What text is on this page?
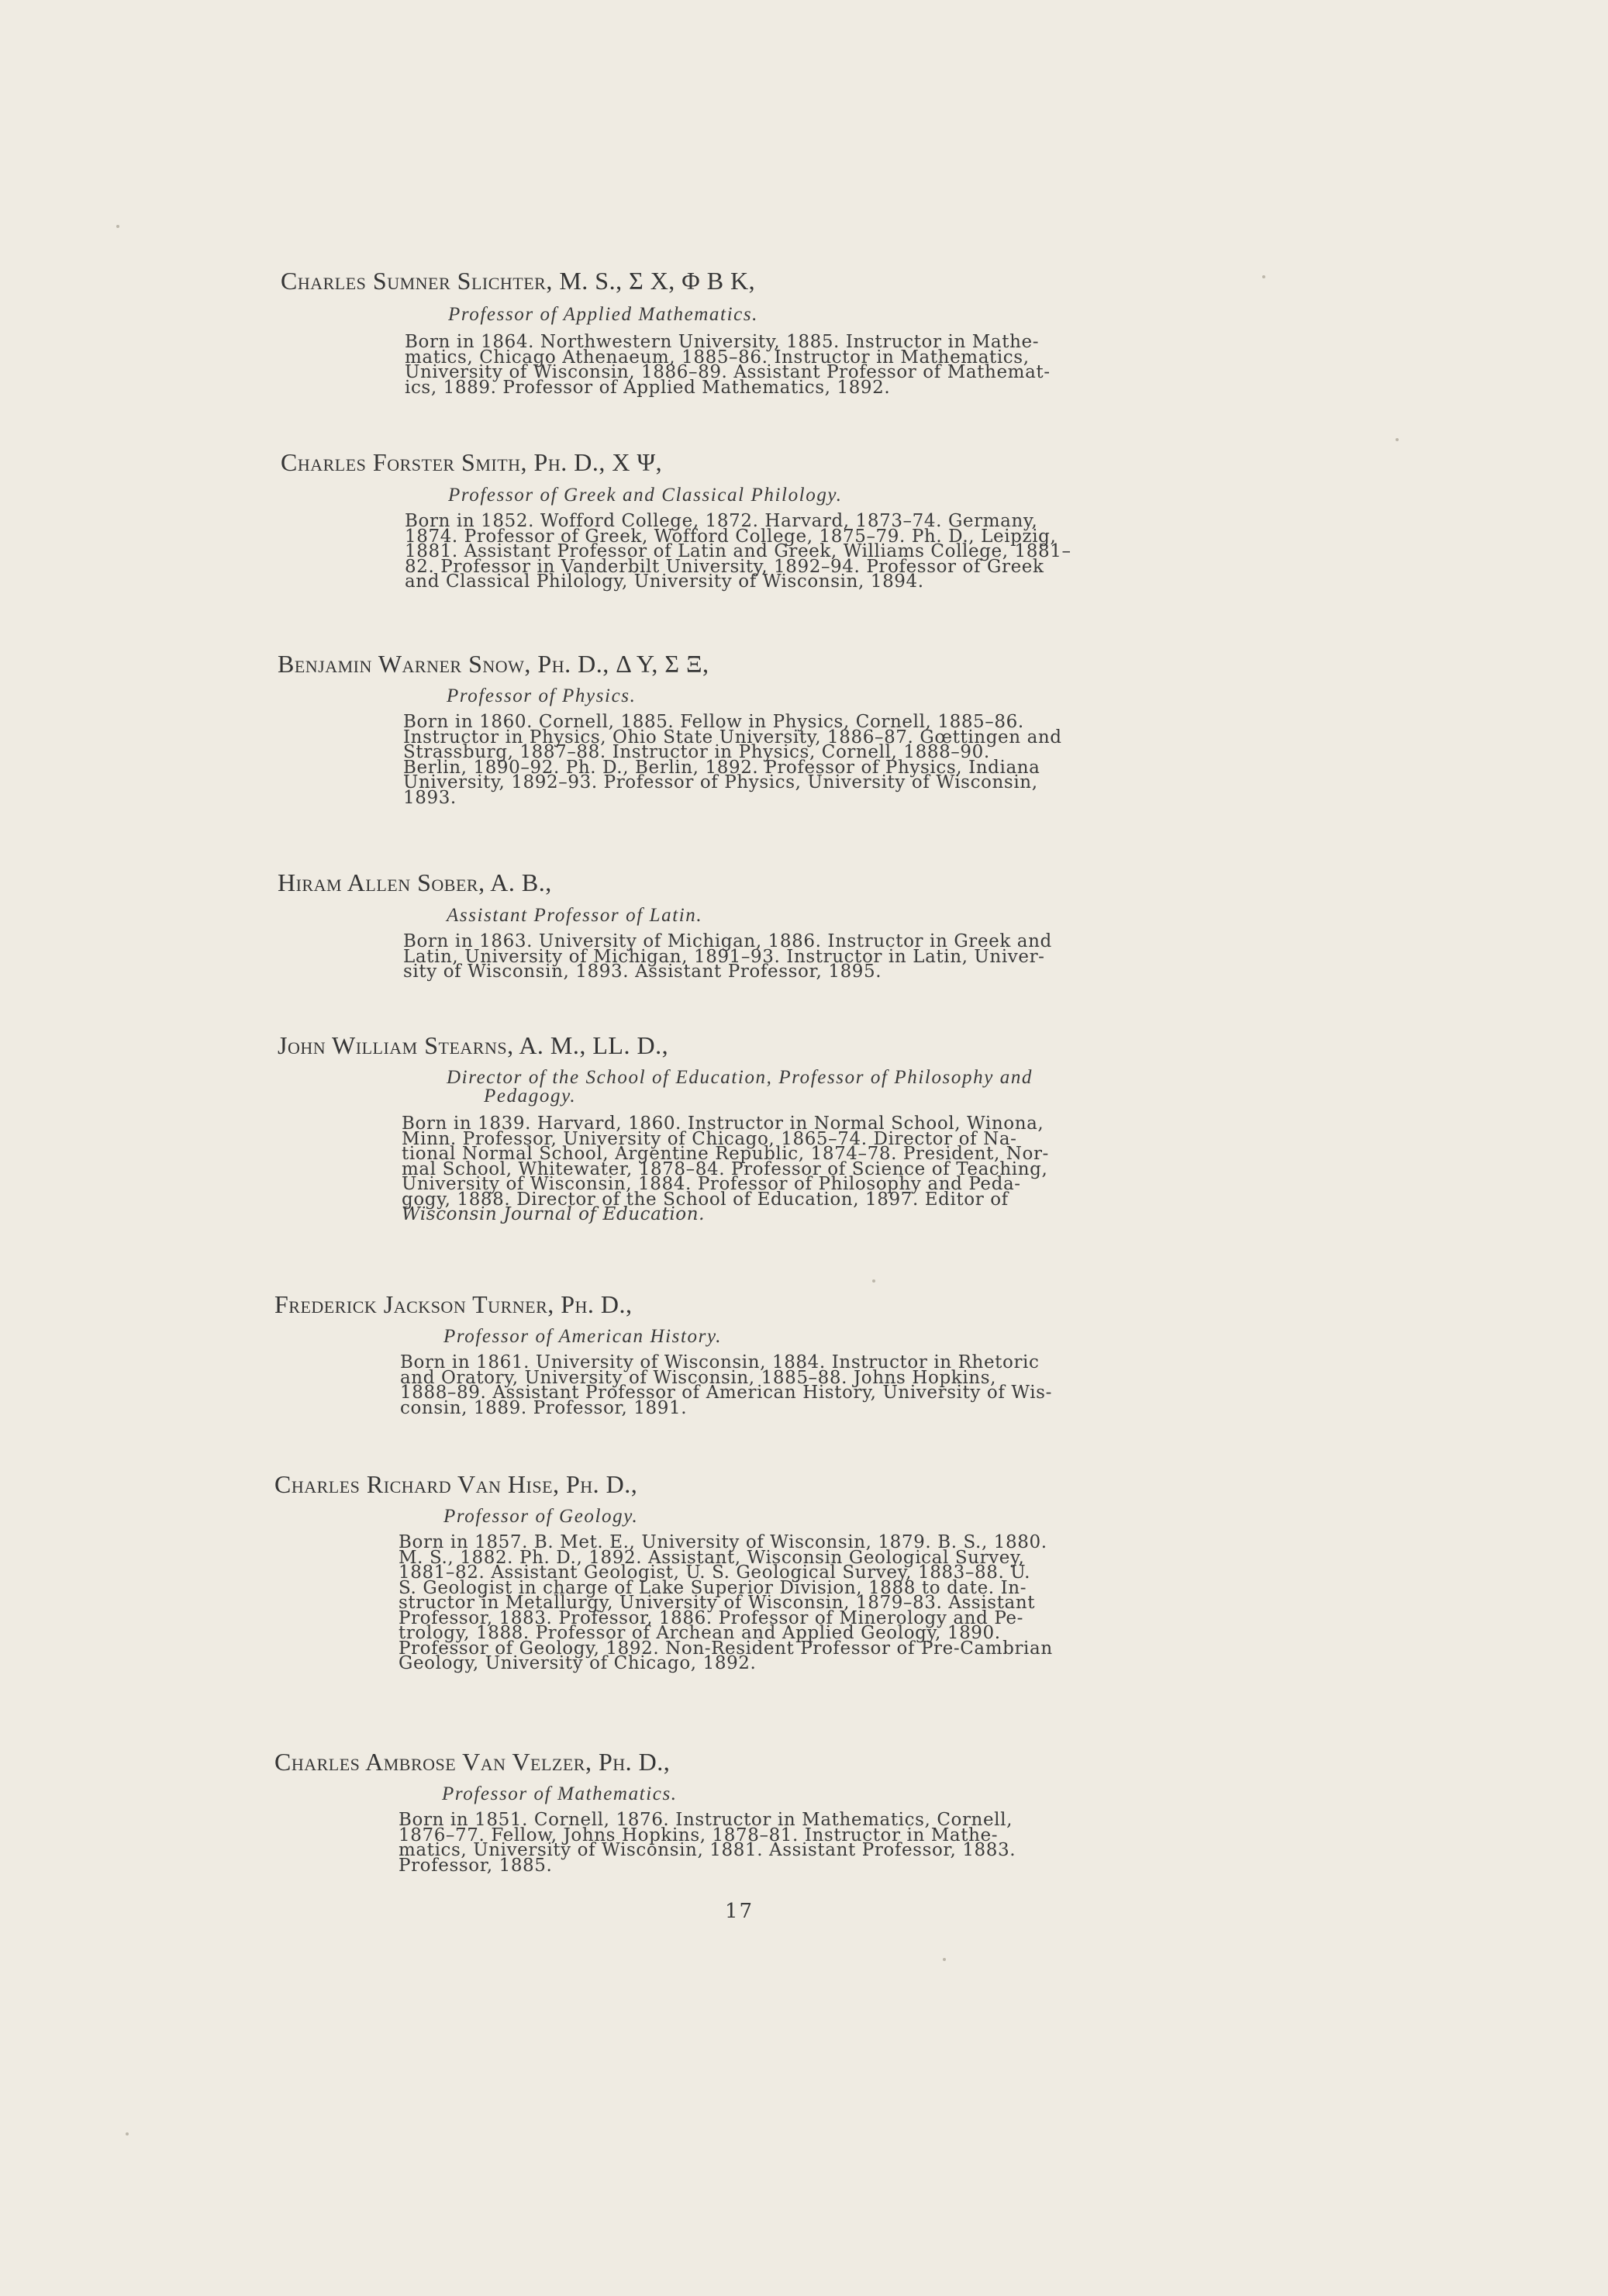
Charles Sumner Slichter, M. S., Σ X, Φ B K,
Professor of Applied Mathematics.
Born in 1864. Northwestern University, 1885. Instructor in Mathe-
matics, Chicago Athenaeum, 1885–86. Instructor in Mathematics,
University of Wisconsin, 1886–89. Assistant Professor of Mathemat-
ics, 1889. Professor of Applied Mathematics, 1892.
Charles Forster Smith, Ph. D., X Ψ,
Professor of Greek and Classical Philology.
Born in 1852. Wofford College, 1872. Harvard, 1873–74. Germany,
1874. Professor of Greek, Wofford College, 1875–79. Ph. D., Leipzig,
1881. Assistant Professor of Latin and Greek, Williams College, 1881–
82. Professor in Vanderbilt University, 1892–94. Professor of Greek
and Classical Philology, University of Wisconsin, 1894.
Benjamin Warner Snow, Ph. D., Δ Υ, Σ Ξ,
Professor of Physics.
Born in 1860. Cornell, 1885. Fellow in Physics, Cornell, 1885–86.
Instructor in Physics, Ohio State University, 1886–87. Gœttingen and
Strassburg, 1887–88. Instructor in Physics, Cornell, 1888–90.
Berlin, 1890–92. Ph. D., Berlin, 1892. Professor of Physics, Indiana
University, 1892–93. Professor of Physics, University of Wisconsin,
1893.
Hiram Allen Sober, A. B.,
Assistant Professor of Latin.
Born in 1863. University of Michigan, 1886. Instructor in Greek and
Latin, University of Michigan, 1891–93. Instructor in Latin, Univer-
sity of Wisconsin, 1893. Assistant Professor, 1895.
John William Stearns, A. M., LL. D.,
Director of the School of Education, Professor of Philosophy and
Pedagogy.
Born in 1839. Harvard, 1860. Instructor in Normal School, Winona,
Minn. Professor, University of Chicago, 1865–74. Director of Na-
tional Normal School, Argentine Republic, 1874–78. President, Nor-
mal School, Whitewater, 1878–84. Professor of Science of Teaching,
University of Wisconsin, 1884. Professor of Philosophy and Peda-
gogy, 1888. Director of the School of Education, 1897. Editor of
Wisconsin Journal of Education.
Frederick Jackson Turner, Ph. D.,
Professor of American History.
Born in 1861. University of Wisconsin, 1884. Instructor in Rhetoric
and Oratory, University of Wisconsin, 1885–88. Johns Hopkins,
1888–89. Assistant Professor of American History, University of Wis-
consin, 1889. Professor, 1891.
Charles Richard Van Hise, Ph. D.,
Professor of Geology.
Born in 1857. B. Met. E., University of Wisconsin, 1879. B. S., 1880.
M. S., 1882. Ph. D., 1892. Assistant, Wisconsin Geological Survey,
1881–82. Assistant Geologist, U. S. Geological Survey, 1883–88. U.
S. Geologist in charge of Lake Superior Division, 1888 to date. In-
structor in Metallurgy, University of Wisconsin, 1879–83. Assistant
Professor, 1883. Professor, 1886. Professor of Minerology and Pe-
trology, 1888. Professor of Archean and Applied Geology, 1890.
Professor of Geology, 1892. Non-Resident Professor of Pre-Cambrian
Geology, University of Chicago, 1892.
Charles Ambrose Van Velzer, Ph. D.,
Professor of Mathematics.
Born in 1851. Cornell, 1876. Instructor in Mathematics, Cornell,
1876–77. Fellow, Johns Hopkins, 1878–81. Instructor in Mathe-
matics, University of Wisconsin, 1881. Assistant Professor, 1883.
Professor, 1885.
17
